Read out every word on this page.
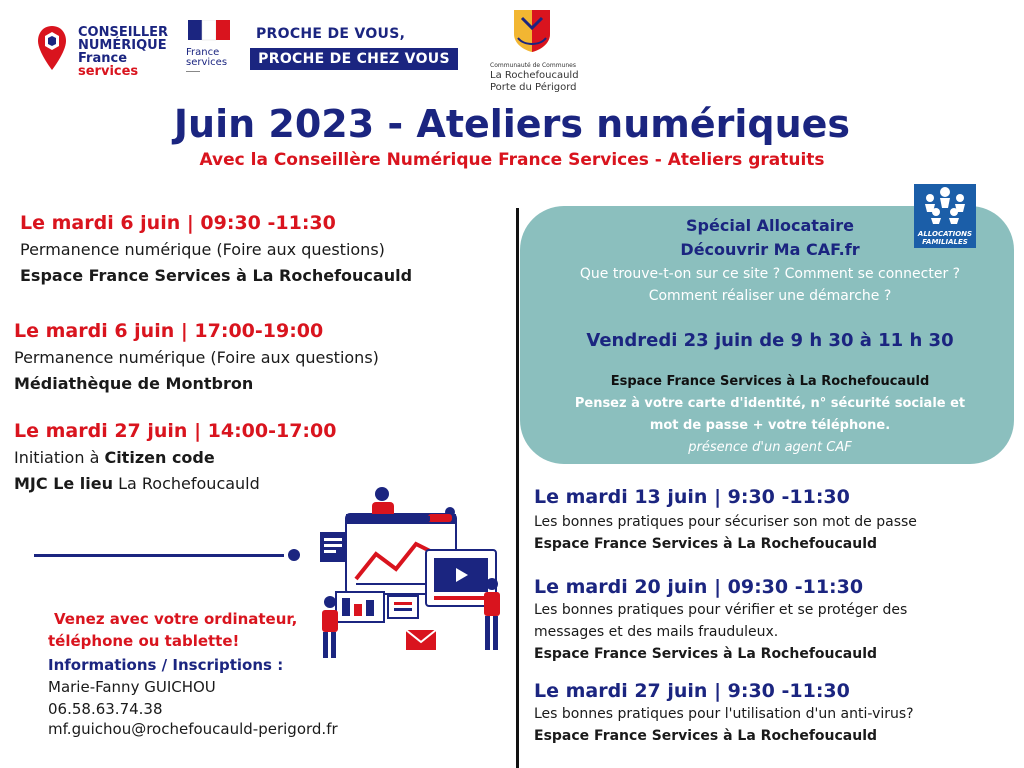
CONSEILLER
NUMÉRIQUE
France
services
France
services
PROCHE DE VOUS,
PROCHE DE CHEZ VOUS	Communauté de Communes
La Rochefoucauld
Porte du Périgord
Juin 2023 - Ateliers numériques
Avec la Conseillère Numérique France Services - Ateliers gratuits
Le mardi 6 juin | 09:30 -11:30
Permanence numérique (Foire aux questions)
Espace France Services à La Rochefoucauld
Le mardi 6 juin | 17:00-19:00
Permanence numérique (Foire aux questions)
Médiathèque de Montbron
Le mardi 27 juin | 14:00-17:00
Initiation à Citizen code
MJC Le lieu La Rochefoucauld
Venez avec votre ordinateur,
téléphone ou tablette!
Informations / Inscriptions :
Marie-Fanny GUICHOU
06.58.63.74.38
mf.guichou@rochefoucauld-perigord.fr
Spécial Allocataire
Découvrir Ma CAF.fr
Que trouve-t-on sur ce site ? Comment se connecter ?
Comment réaliser une démarche ?
Vendredi 23 juin de 9 h 30 à 11 h 30
Espace France Services à La Rochefoucauld
Pensez à votre carte d'identité, n° sécurité sociale et
mot de passe + votre téléphone.
présence d'un agent CAF
ALLOCATIONS
FAMILIALES
Le mardi 13 juin | 9:30 -11:30
Les bonnes pratiques pour sécuriser son mot de passe
Espace France Services à La Rochefoucauld
Le mardi 20 juin | 09:30 -11:30
Les bonnes pratiques pour vérifier et se protéger des
messages et des mails frauduleux.
Espace France Services à La Rochefoucauld
Le mardi 27 juin | 9:30 -11:30
Les bonnes pratiques pour l'utilisation d'un anti-virus?
Espace France Services à La Rochefoucauld
